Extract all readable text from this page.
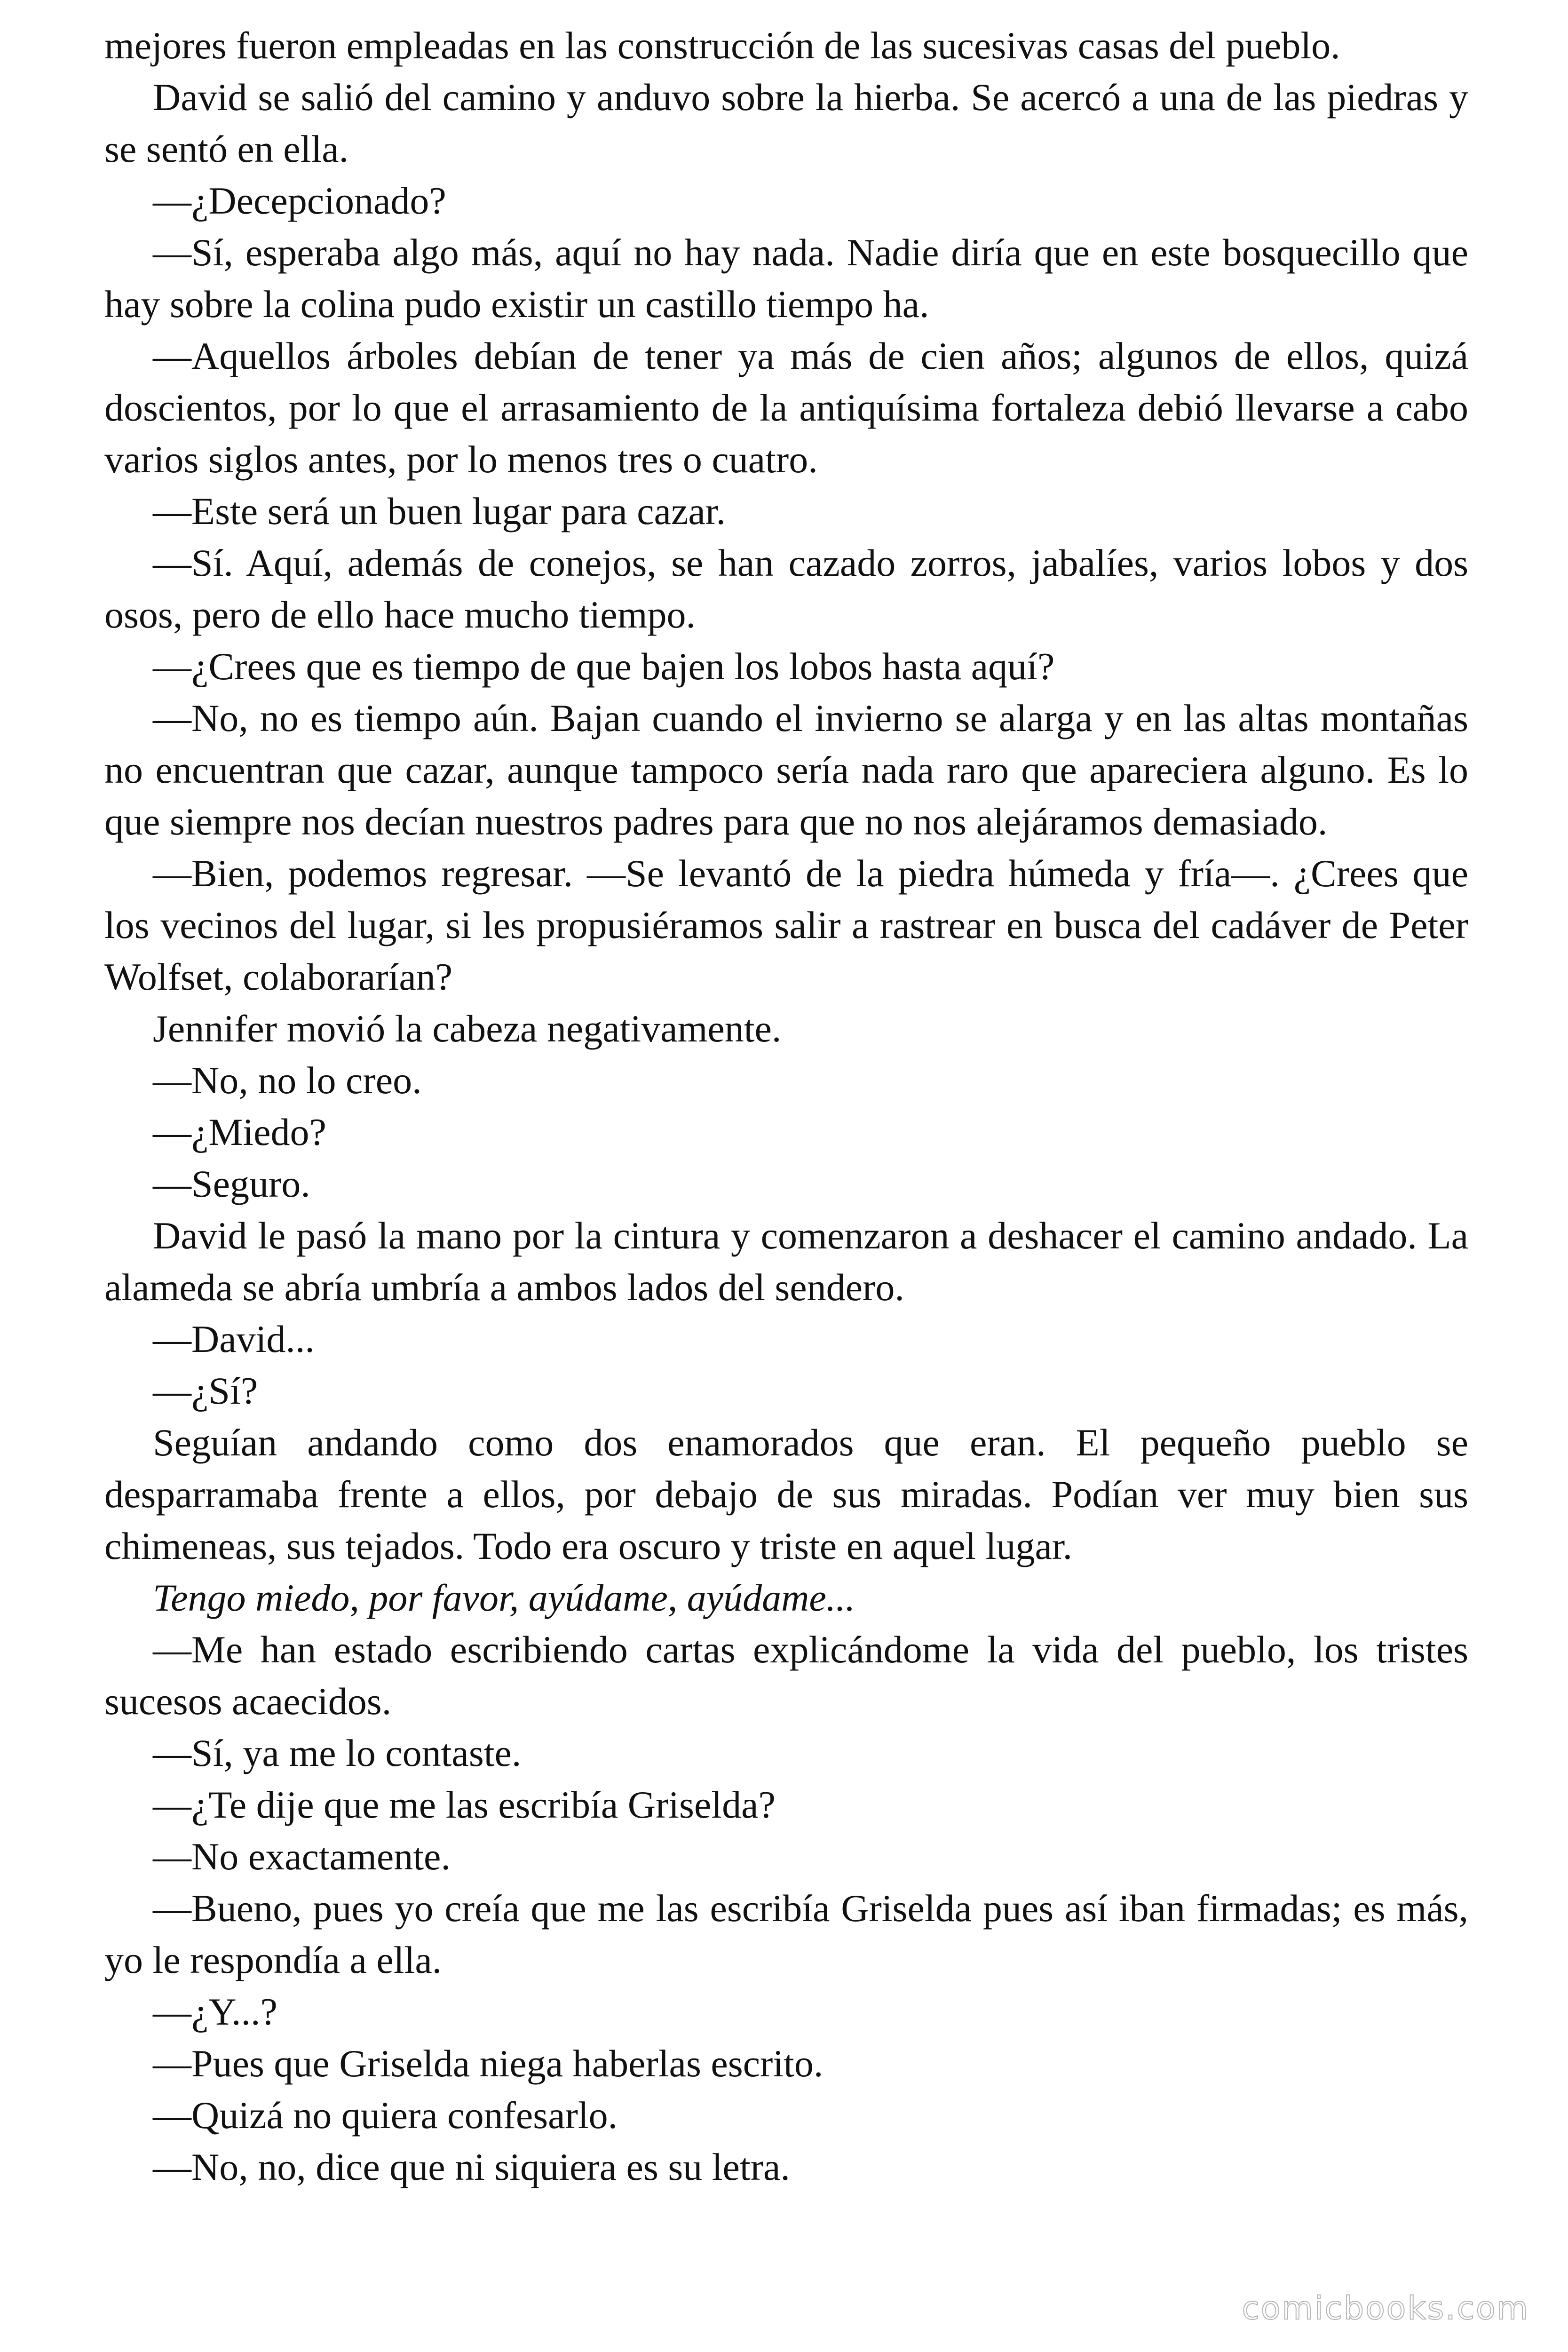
mejores fueron empleadas en las construcción de las sucesivas casas del pueblo.

David se salió del camino y anduvo sobre la hierba. Se acercó a una de las piedras y se sentó en ella.

—¿Decepcionado?

—Sí, esperaba algo más, aquí no hay nada. Nadie diría que en este bosquecillo que hay sobre la colina pudo existir un castillo tiempo ha.

—Aquellos árboles debían de tener ya más de cien años; algunos de ellos, quizá doscientos, por lo que el arrasamiento de la antiquísima fortaleza debió llevarse a cabo varios siglos antes, por lo menos tres o cuatro.

—Este será un buen lugar para cazar.

—Sí. Aquí, además de conejos, se han cazado zorros, jabalíes, varios lobos y dos osos, pero de ello hace mucho tiempo.

—¿Crees que es tiempo de que bajen los lobos hasta aquí?

—No, no es tiempo aún. Bajan cuando el invierno se alarga y en las altas montañas no encuentran que cazar, aunque tampoco sería nada raro que apareciera alguno. Es lo que siempre nos decían nuestros padres para que no nos alejáramos demasiado.

—Bien, podemos regresar. —Se levantó de la piedra húmeda y fría—. ¿Crees que los vecinos del lugar, si les propusiéramos salir a rastrear en busca del cadáver de Peter Wolfset, colaborarían?

Jennifer movió la cabeza negativamente.

—No, no lo creo.

—¿Miedo?

—Seguro.

David le pasó la mano por la cintura y comenzaron a deshacer el camino andado. La alameda se abría umbría a ambos lados del sendero.

—David...

—¿Sí?

Seguían andando como dos enamorados que eran. El pequeño pueblo se desparramaba frente a ellos, por debajo de sus miradas. Podían ver muy bien sus chimeneas, sus tejados. Todo era oscuro y triste en aquel lugar.

Tengo miedo, por favor, ayúdame, ayúdame...

—Me han estado escribiendo cartas explicándome la vida del pueblo, los tristes sucesos acaecidos.

—Sí, ya me lo contaste.

—¿Te dije que me las escribía Griselda?

—No exactamente.

—Bueno, pues yo creía que me las escribía Griselda pues así iban firmadas; es más, yo le respondía a ella.

—¿Y...?

—Pues que Griselda niega haberlas escrito.

—Quizá no quiera confesarlo.

—No, no, dice que ni siquiera es su letra.

comicbooks.com
